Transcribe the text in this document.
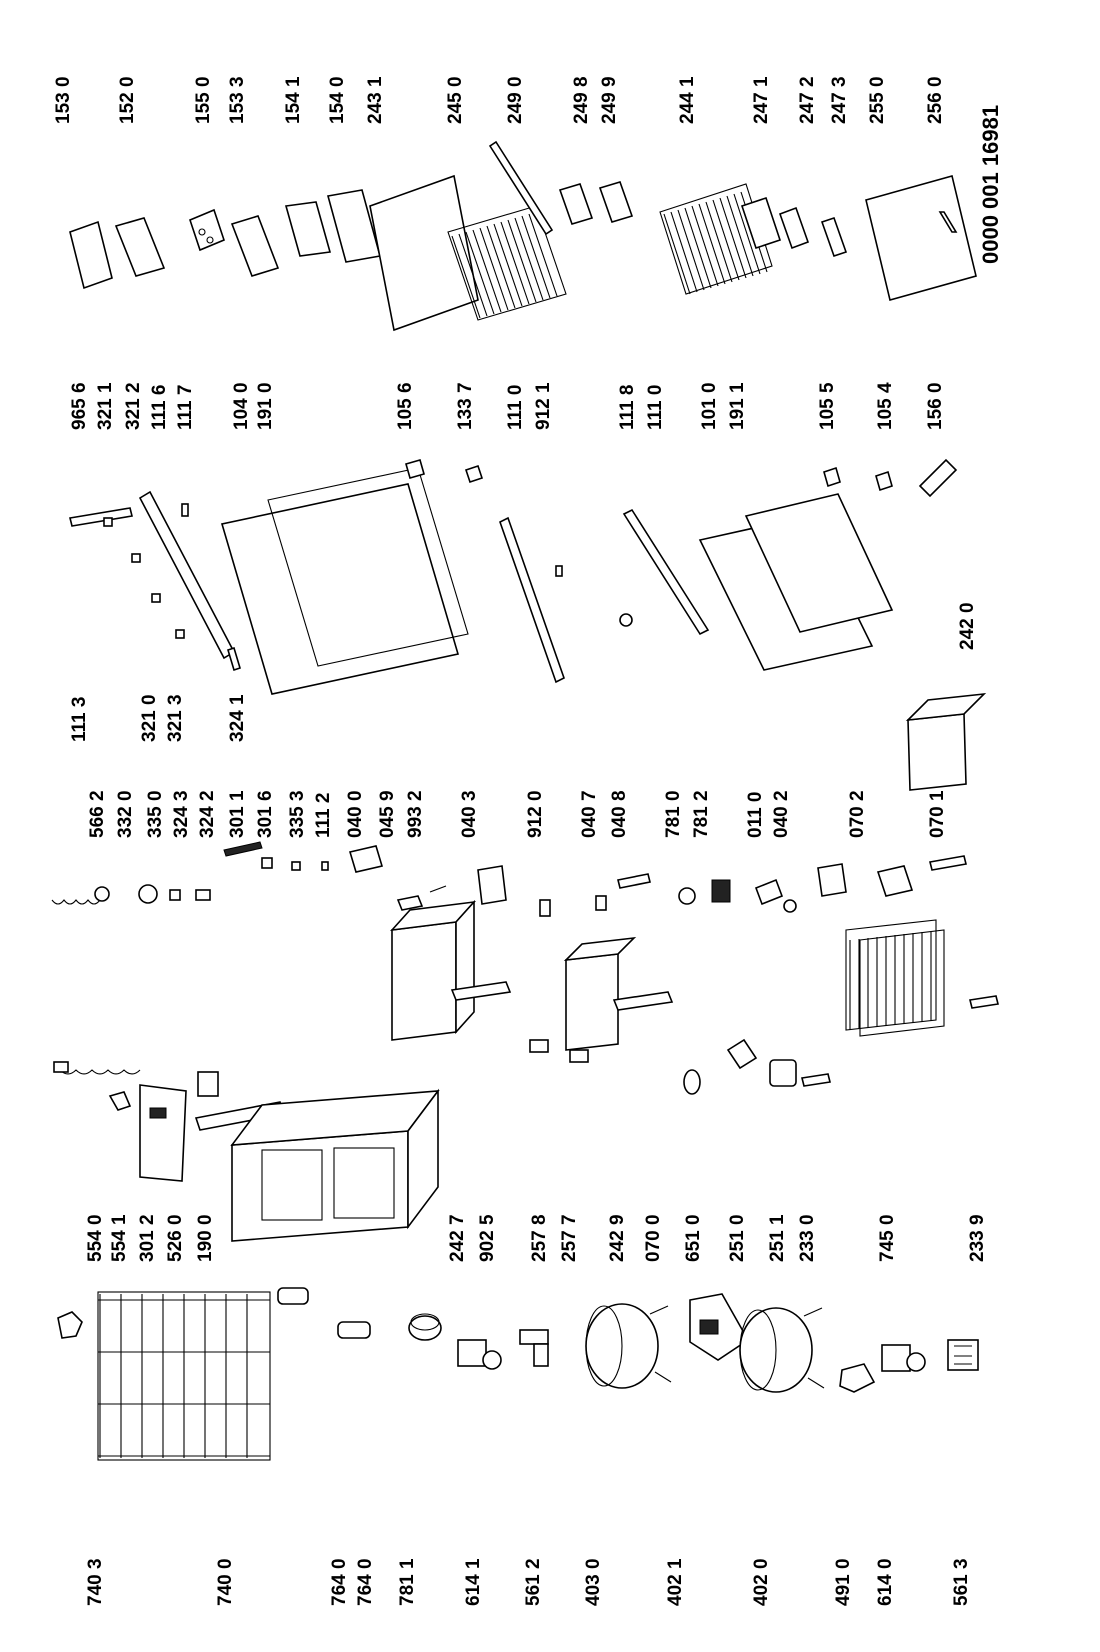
740 3	740 0	764 0 764 0 781 1 614 1 561 2 403 0	402 1	402 0	491 0 614 0	561 3
554 0 554 1 301 2 526 0 190 0	242 7 902 5 257 8 257 7 242 9 070 0 651 0 251 0 251 1 233 0	745 0	233 9
566 2 332 0 335 0 324 3 324 2 301 1 301 6 335 3 111 2 040 0 045 9 993 2 040 3 912 0 040 7 040 8 781 0 781 2 011 0 040 2	070 2	070 1
111 3	321 0 321 3 324 1
965 6 321 1 321 2 111 6 111 7 104 0 191 0	105 6 133 7 111 0 912 1	111 8 111 0 101 0 191 1	105 5 105 4 156 0
242 0
153 0 152 0	155 0 153 3 154 1 154 0 243 1	245 0 249 0 249 8 249 9	244 1	247 1 247 2 247 3 255 0 256 0
0000 001 16981
